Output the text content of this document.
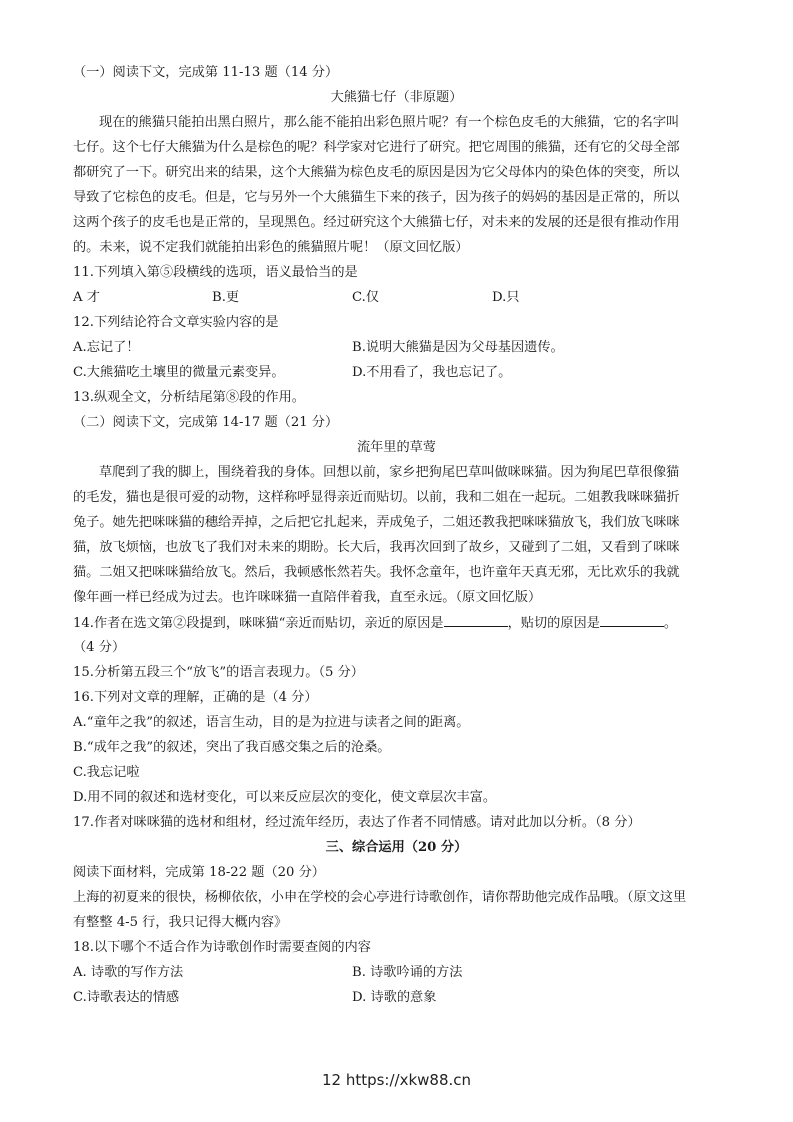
（一）阅读下文，完成第 11-13 题（14 分）
大熊猫七仔（非原题）
现在的熊猫只能拍出黑白照片，那么能不能拍出彩色照片呢？有一个棕色皮毛的大熊猫，它的名字叫
七仔。这个七仔大熊猫为什么是棕色的呢？科学家对它进行了研究。把它周围的熊猫，还有它的父母全部
都研究了一下。研究出来的结果，这个大熊猫为棕色皮毛的原因是因为它父母体内的染色体的突变，所以
导致了它棕色的皮毛。但是，它与另外一个大熊猫生下来的孩子，因为孩子的妈妈的基因是正常的，所以
这两个孩子的皮毛也是正常的，呈现黑色。经过研究这个大熊猫七仔，对未来的发展的还是很有推动作用
的。未来，说不定我们就能拍出彩色的熊猫照片呢！（原文回忆版）
11.下列填入第⑤段横线的选项，语义最恰当的是
A 才	B.更	C.仅	D.只
12.下列结论符合文章实验内容的是
A.忘记了！	B.说明大熊猫是因为父母基因遗传。
C.大熊猫吃土壤里的微量元素变异。	D.不用看了，我也忘记了。
13.纵观全文，分析结尾第⑧段的作用。
（二）阅读下文，完成第 14-17 题（21 分）
流年里的草莺
草爬到了我的脚上，围绕着我的身体。回想以前，家乡把狗尾巴草叫做咪咪猫。因为狗尾巴草很像猫
的毛发，猫也是很可爱的动物，这样称呼显得亲近而贴切。以前，我和二姐在一起玩。二姐教我咪咪猫折
兔子。她先把咪咪猫的穗给弄掉，之后把它扎起来，弄成兔子，二姐还教我把咪咪猫放飞，我们放飞咪咪
猫，放飞烦恼，也放飞了我们对未来的期盼。长大后，我再次回到了故乡，又碰到了二姐，又看到了咪咪
猫。二姐又把咪咪猫给放飞。然后，我顿感怅然若失。我怀念童年，也许童年天真无邪，无比欢乐的我就
像年画一样已经成为过去。也许咪咪猫一直陪伴着我，直至永远。（原文回忆版）
14.作者在选文第②段提到，咪咪猫“亲近而贴切，亲近的原因是	，贴切的原因是	。
（4 分）
15.分析第五段三个“放飞”的语言表现力。（5 分）
16.下列对文章的理解，正确的是（4 分）
A.“童年之我”的叙述，语言生动，目的是为拉进与读者之间的距离。
B.“成年之我”的叙述，突出了我百感交集之后的沧桑。
C.我忘记啦
D.用不同的叙述和选材变化，可以来反应层次的变化，使文章层次丰富。
17.作者对咪咪猫的选材和组材，经过流年经历，表达了作者不同情感。请对此加以分析。（8 分）
三、综合运用（20 分）
阅读下面材料，完成第 18-22 题（20 分）
上海的初夏来的很快，杨柳依依，小申在学校的会心亭进行诗歌创作，请你帮助他完成作品哦。（原文这里
有整整 4-5 行，我只记得大概内容》
18.以下哪个不适合作为诗歌创作时需要查阅的内容
A. 诗歌的写作方法	B. 诗歌吟诵的方法
C.诗歌表达的情感	D. 诗歌的意象
12 https://xkw88.cn
